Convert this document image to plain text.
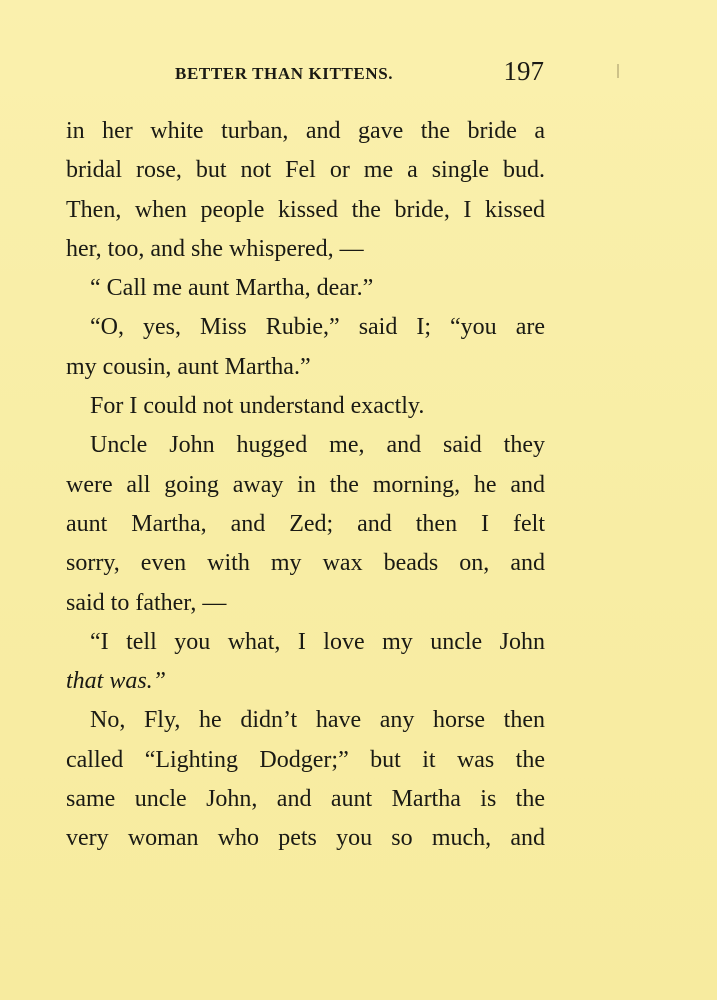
BETTER THAN KITTENS.	197
in her white turban, and gave the bride a
bridal rose, but not Fel or me a single bud.
Then, when people kissed the bride, I kissed
her, too, and she whispered, —
“ Call me aunt Martha, dear.”
“O, yes, Miss Rubie,” said I; “you are
my cousin, aunt Martha.”
For I could not understand exactly.
Uncle John hugged me, and said they
were all going away in the morning, he and
aunt Martha, and Zed; and then I felt
sorry, even with my wax beads on, and
said to father, —
“I tell you what, I love my uncle John
that was.”
No, Fly, he didn’t have any horse then
called “Lighting Dodger;” but it was the
same uncle John, and aunt Martha is the
very woman who pets you so much, and
